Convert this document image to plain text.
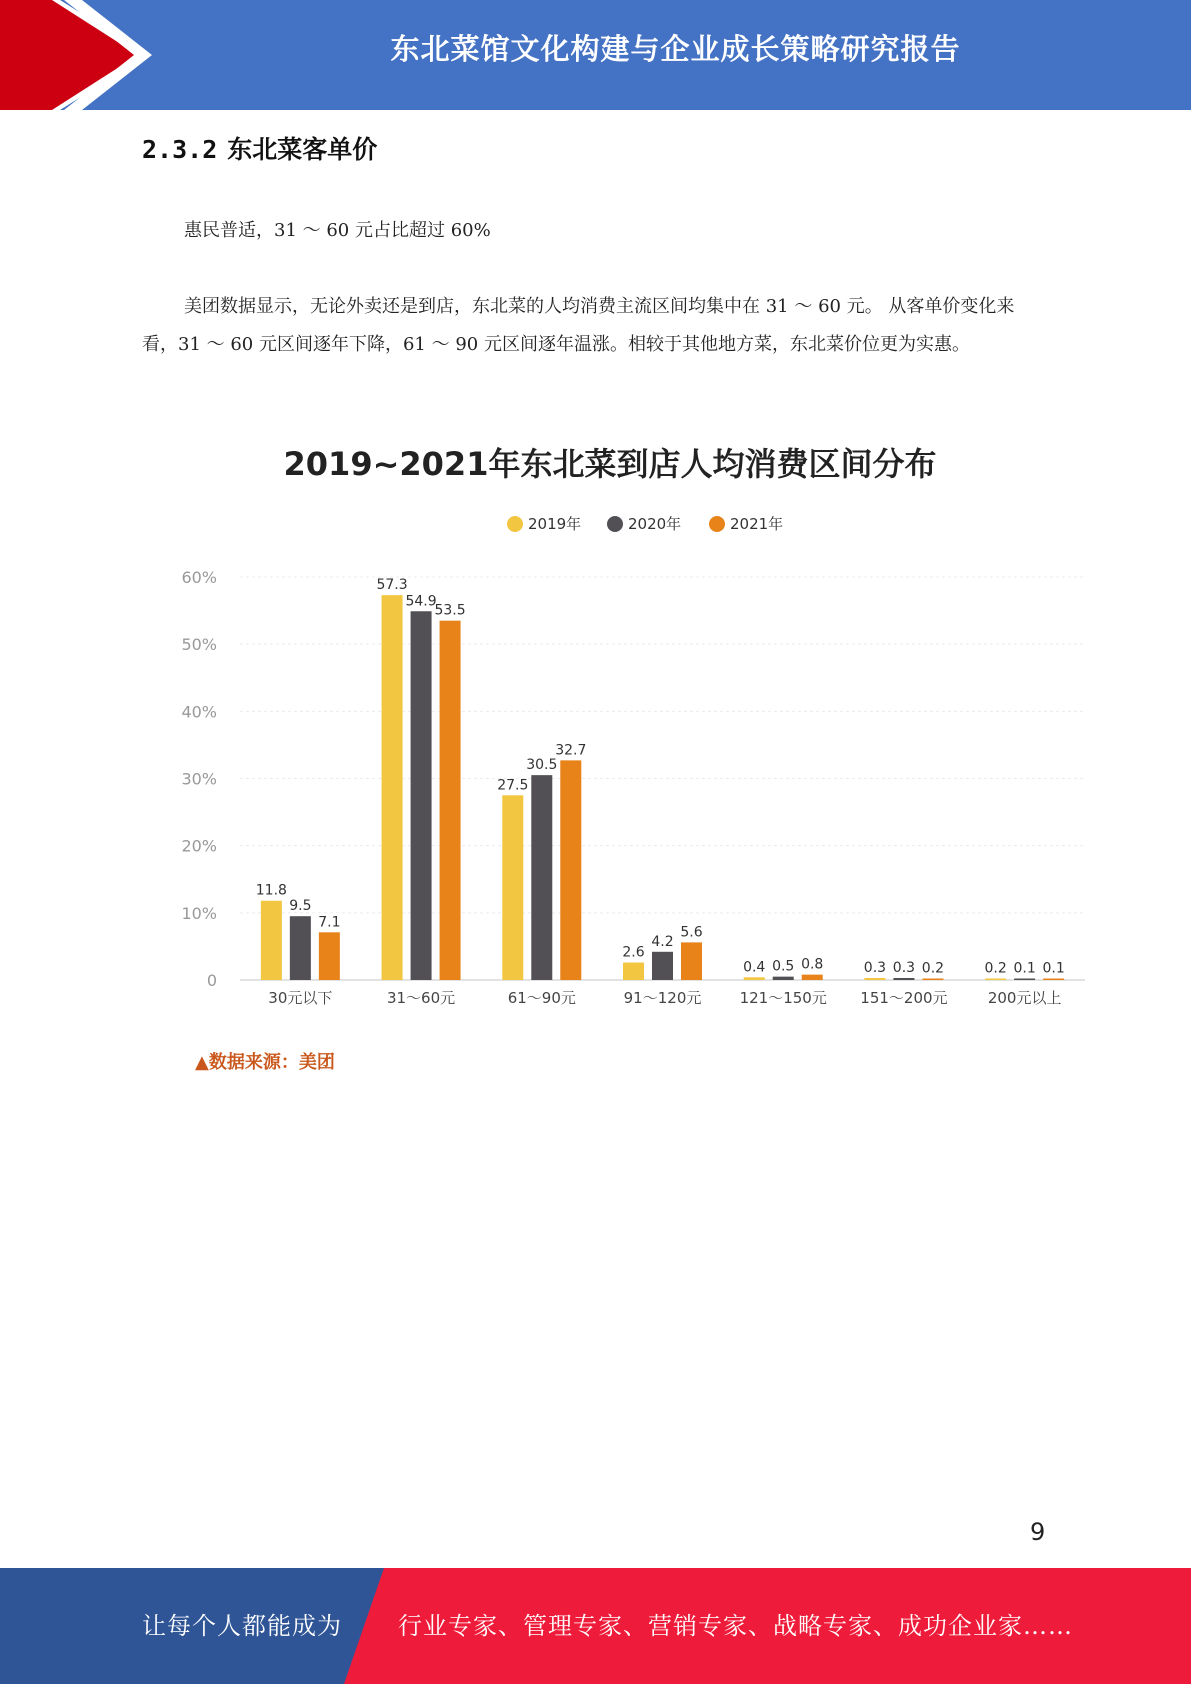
东北菜馆文化构建与企业成长策略研究报告
2.3.2 东北菜客单价

惠民普适，31 ～ 60 元占比超过 60%

美团数据显示，无论外卖还是到店，东北菜的人均消费主流区间均集中在 31 ～ 60 元。 从客单价变化来看，31 ～ 60 元区间逐年下降，61 ～ 90 元区间逐年温涨。相较于其他地方菜，东北菜价位更为实惠。

2019~2021年东北菜到店人均消费区间分布
2019年	2020年	2021年
0
10%
20%
30%
40%
50%
60%
11.8
9.5
7.1
57.3
54.9
53.5
27.5
30.5
32.7
2.6
4.2
5.6
0.4 0.5 0.8	0.3 0.3 0.2	0.2 0.1 0.1
30元以下	31～60元	61～90元	91～120元	121～150元 151～200元	200元以上
▲数据来源：美团
9
让每个人都能成为 行业专家、管理专家、营销专家、战略专家、成功企业家……
